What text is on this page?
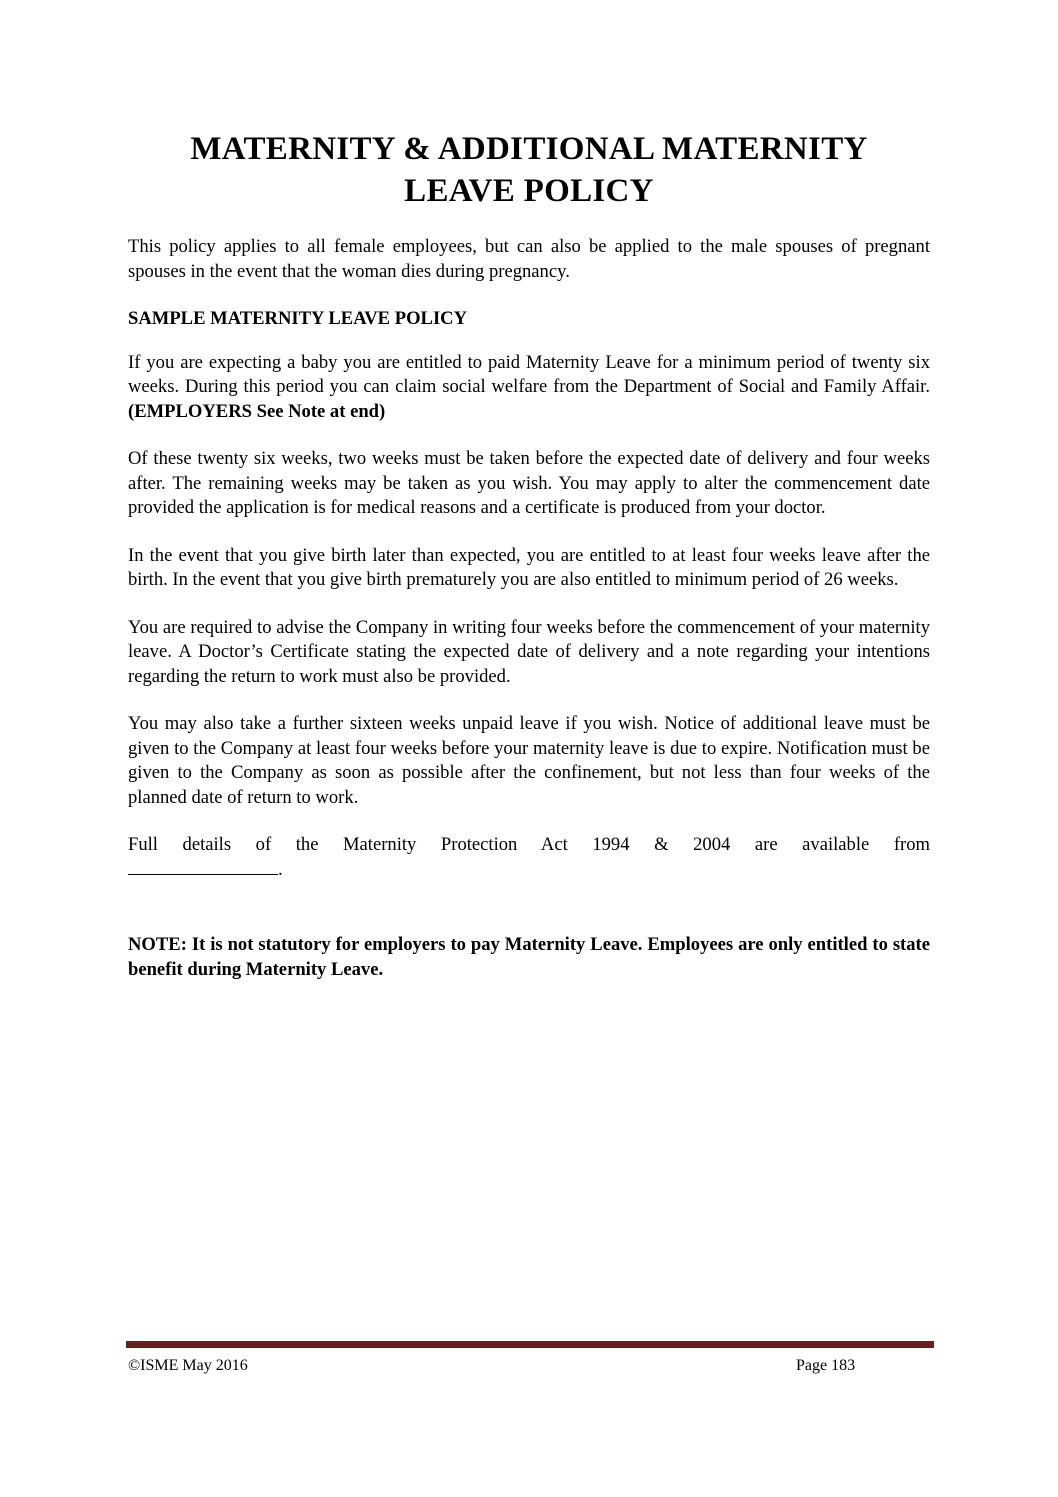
MATERNITY & ADDITIONAL MATERNITY
LEAVE POLICY

This policy applies to all female employees, but can also be applied to the male spouses of pregnant spouses in the event that the woman dies during pregnancy.

SAMPLE MATERNITY LEAVE POLICY

If you are expecting a baby you are entitled to paid Maternity Leave for a minimum period of twenty six weeks. During this period you can claim social welfare from the Department of Social and Family Affair. (EMPLOYERS See Note at end)

Of these twenty six weeks, two weeks must be taken before the expected date of delivery and four weeks after. The remaining weeks may be taken as you wish. You may apply to alter the commencement date provided the application is for medical reasons and a certificate is produced from your doctor.

In the event that you give birth later than expected, you are entitled to at least four weeks leave after the birth. In the event that you give birth prematurely you are also entitled to minimum period of 26 weeks.

You are required to advise the Company in writing four weeks before the commencement of your maternity leave. A Doctor’s Certificate stating the expected date of delivery and a note regarding your intentions regarding the return to work must also be provided.

You may also take a further sixteen weeks unpaid leave if you wish. Notice of additional leave must be given to the Company at least four weeks before your maternity leave is due to expire. Notification must be given to the Company as soon as possible after the confinement, but not less than four weeks of the planned date of return to work.

Full details of the Maternity Protection Act 1994 & 2004 are available from
.

NOTE: It is not statutory for employers to pay Maternity Leave. Employees are only entitled to state benefit during Maternity Leave.

©ISME May 2016	Page 183
